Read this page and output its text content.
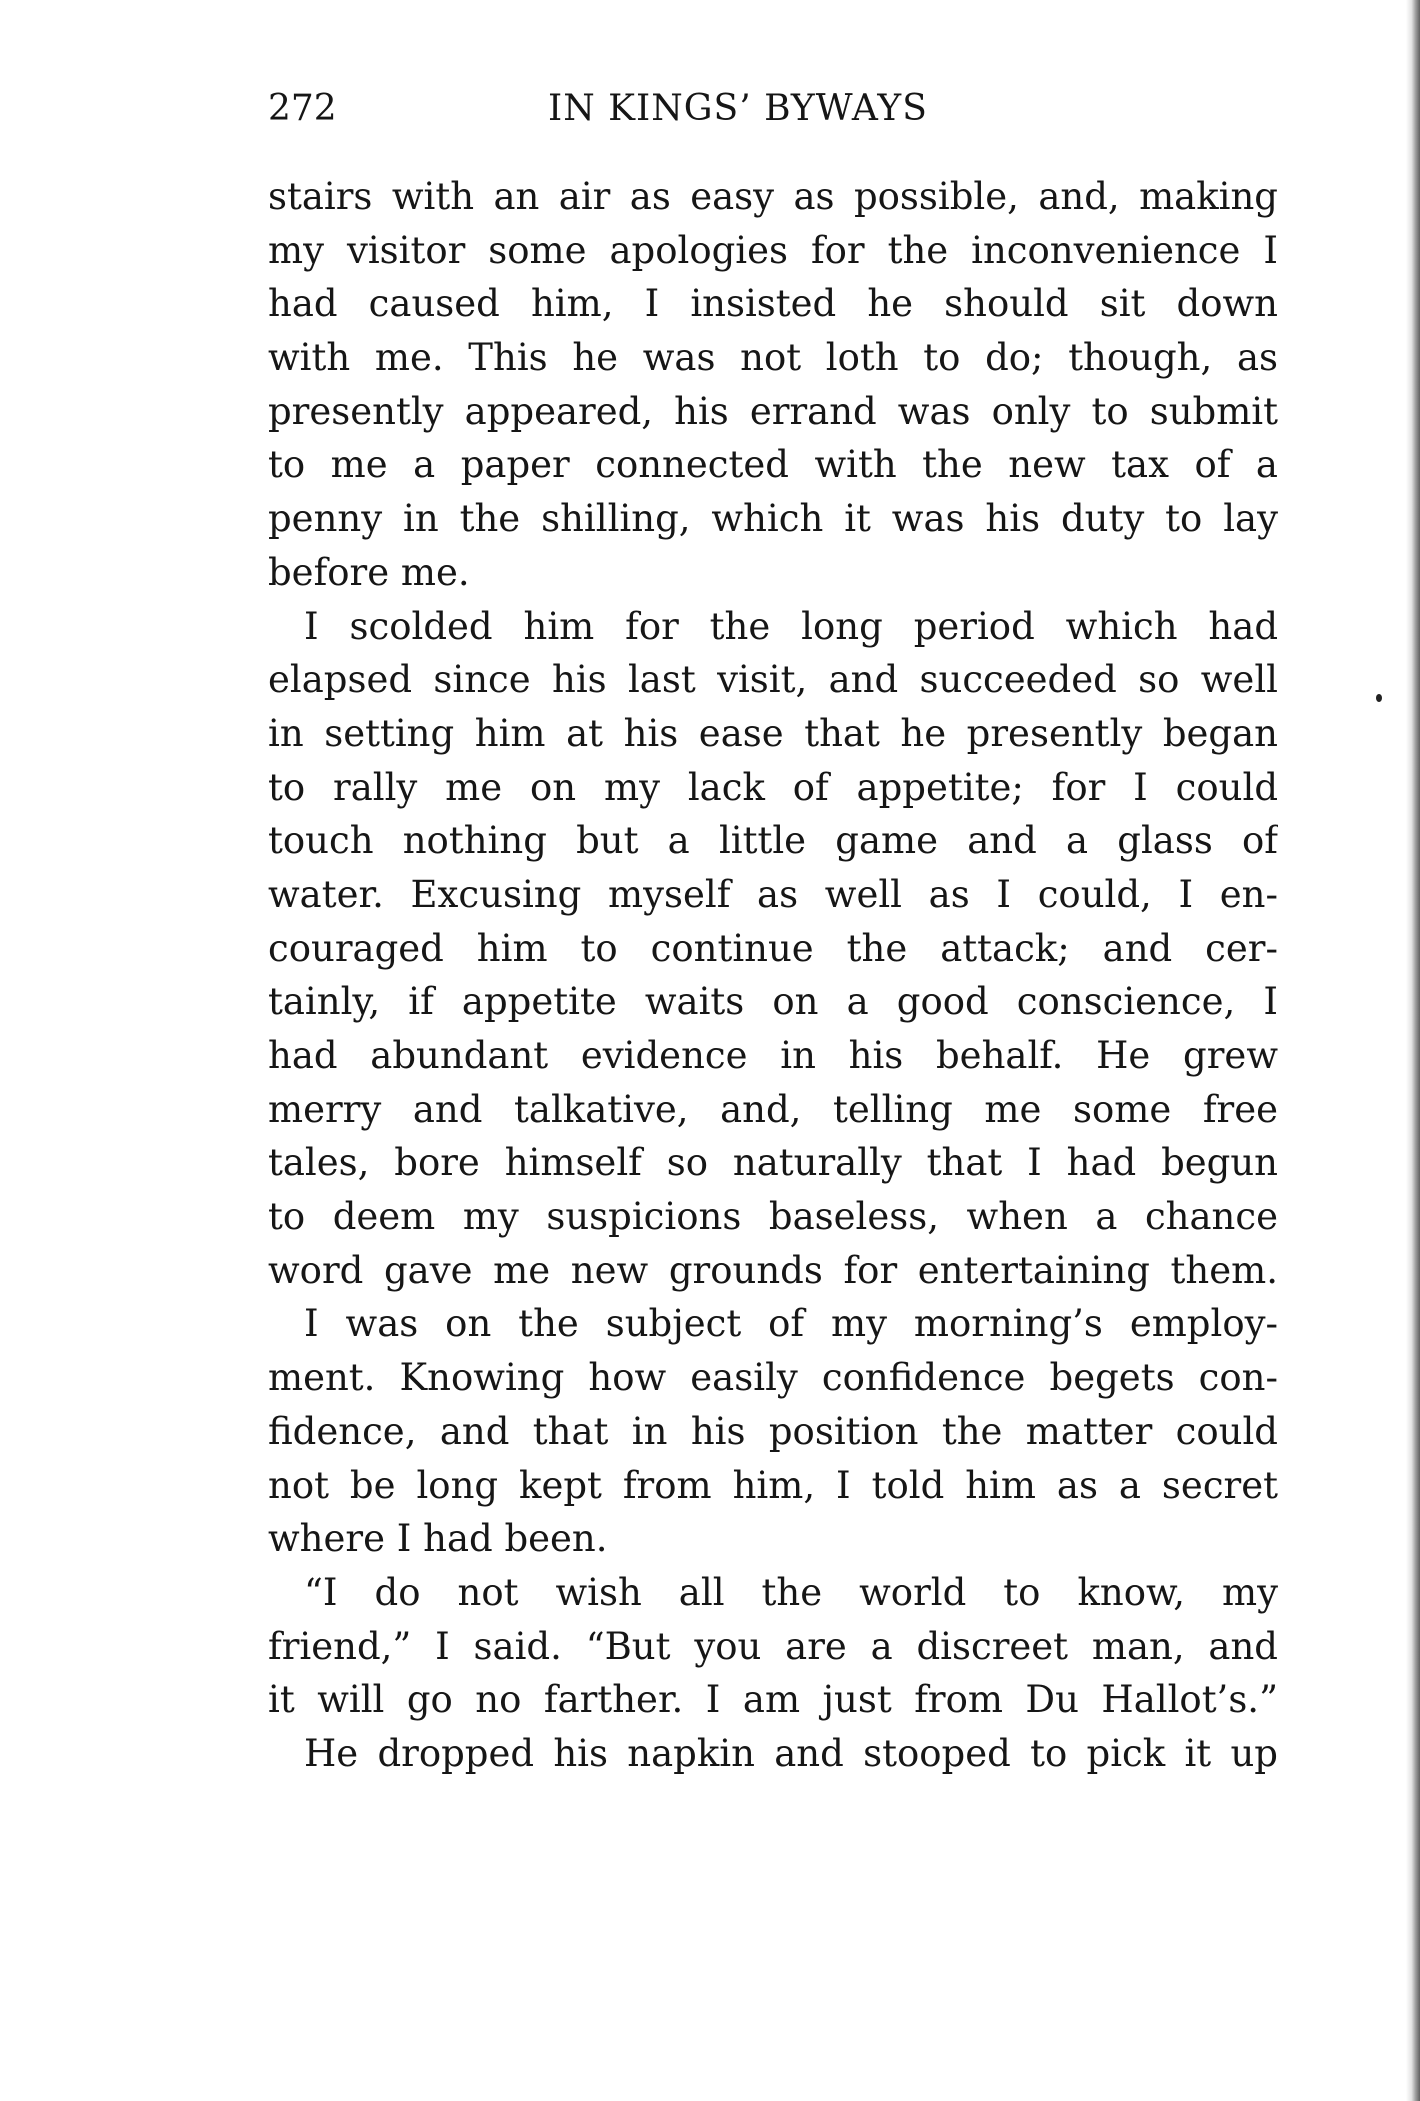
272	IN KINGS’ BYWAYS
stairs with an air as easy as possible, and, making
my visitor some apologies for the inconvenience I
had caused him, I insisted he should sit down
with me. This he was not loth to do; though, as
presently appeared, his errand was only to submit
to me a paper connected with the new tax of a
penny in the shilling, which it was his duty to lay
before me.
I scolded him for the long period which had
elapsed since his last visit, and succeeded so well
in setting him at his ease that he presently began
to rally me on my lack of appetite; for I could
touch nothing but a little game and a glass of
water. Excusing myself as well as I could, I en-
couraged him to continue the attack; and cer-
tainly, if appetite waits on a good conscience, I
had abundant evidence in his behalf. He grew
merry and talkative, and, telling me some free
tales, bore himself so naturally that I had begun
to deem my suspicions baseless, when a chance
word gave me new grounds for entertaining them.
I was on the subject of my morning’s employ-
ment. Knowing how easily confidence begets con-
fidence, and that in his position the matter could
not be long kept from him, I told him as a secret
where I had been.
“I do not wish all the world to know, my
friend,” I said. “But you are a discreet man, and
it will go no farther. I am just from Du Hallot’s.”
He dropped his napkin and stooped to pick it up
